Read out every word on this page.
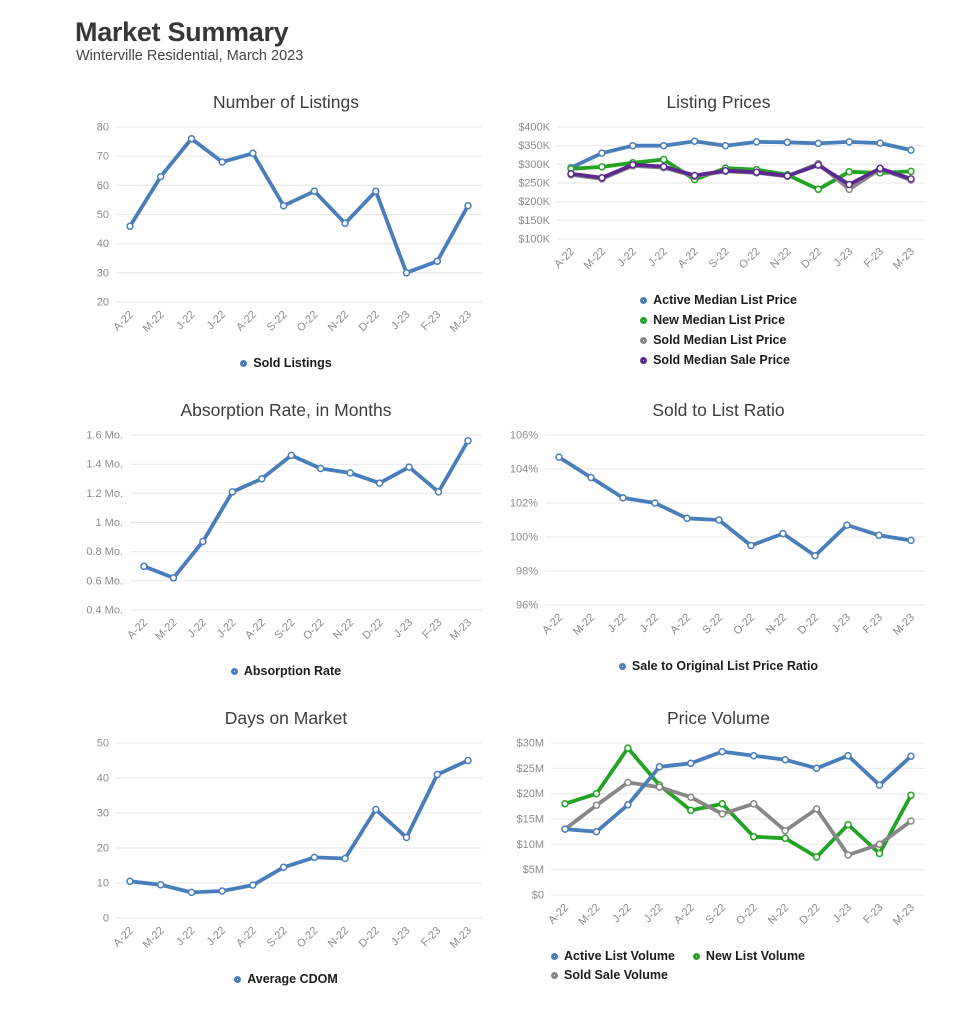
Market Summary
Winterville Residential, March 2023
Number of Listings
80
70
60
50
40
30
20
A-22 M-22 J-22 J-22 A-22 S-22 O-22 N-22 D-22 J-23 F-23 M-23
Sold Listings
Listing Prices
$400K
$350K
$300K
$250K
$200K
$150K
$100K
A-22 M-22 J-22 J-22 A-22 S-22 O-22 N-22 D-22 J-23 F-23 M-23
Active Median List Price
New Median List Price
Sold Median List Price
Sold Median Sale Price
Absorption Rate, in Months
1.6 Mo.
1.4 Mo.
1.2 Mo.
1 Mo.
0.8 Mo.
0.6 Mo.
0.4 Mo.
A-22 M-22 J-22 J-22 A-22 S-22 O-22 N-22 D-22 J-23 F-23 M-23
Absorption Rate
Sold to List Ratio
106%
104%
102%
100%
98%
96%
A-22 M-22 J-22 J-22 A-22 S-22 O-22 N-22 D-22 J-23 F-23 M-23
Sale to Original List Price Ratio
Days on Market
50
40
30
20
10
0
A-22 M-22 J-22 J-22 A-22 S-22 O-22 N-22 D-22 J-23 F-23 M-23
Average CDOM
Price Volume
$30M
$25M
$20M
$15M
$10M
$5M
$0
A-22 M-22 J-22 J-22 A-22 S-22 O-22 N-22 D-22 J-23 F-23 M-23
Active List Volume New List Volume
Sold Sale Volume
